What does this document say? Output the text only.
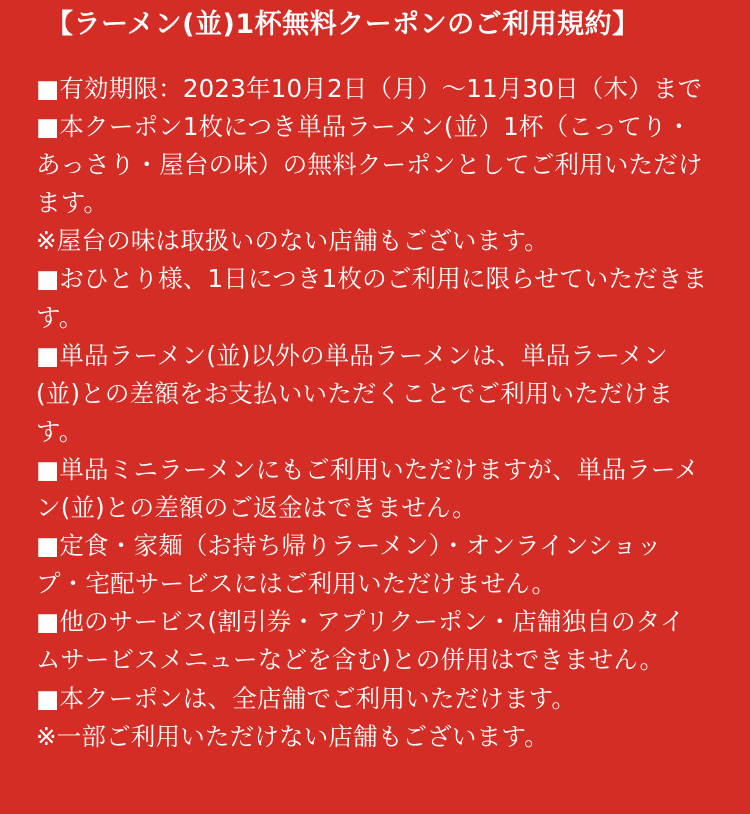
【ラーメン(並)1杯無料クーポンのご利用規約】
■有効期限：2023年10月2日（月）～11月30日（木）まで
■本クーポン1枚につき単品ラーメン(並）1杯（こってり・
あっさり・屋台の味）の無料クーポンとしてご利用いただけ
ます。
※屋台の味は取扱いのない店舗もございます。
■おひとり様、1日につき1枚のご利用に限らせていただきま
す。
■単品ラーメン(並)以外の単品ラーメンは、単品ラーメン
(並)との差額をお支払いいただくことでご利用いただけま
す。
■単品ミニラーメンにもご利用いただけますが、単品ラーメ
ン(並)との差額のご返金はできません。
■定食・家麺（お持ち帰りラーメン）・オンラインショッ
プ・宅配サービスにはご利用いただけません。
■他のサービス(割引券・アプリクーポン・店舗独自のタイ
ムサービスメニューなどを含む)との併用はできません。
■本クーポンは、全店舗でご利用いただけます。
※一部ご利用いただけない店舗もございます。
